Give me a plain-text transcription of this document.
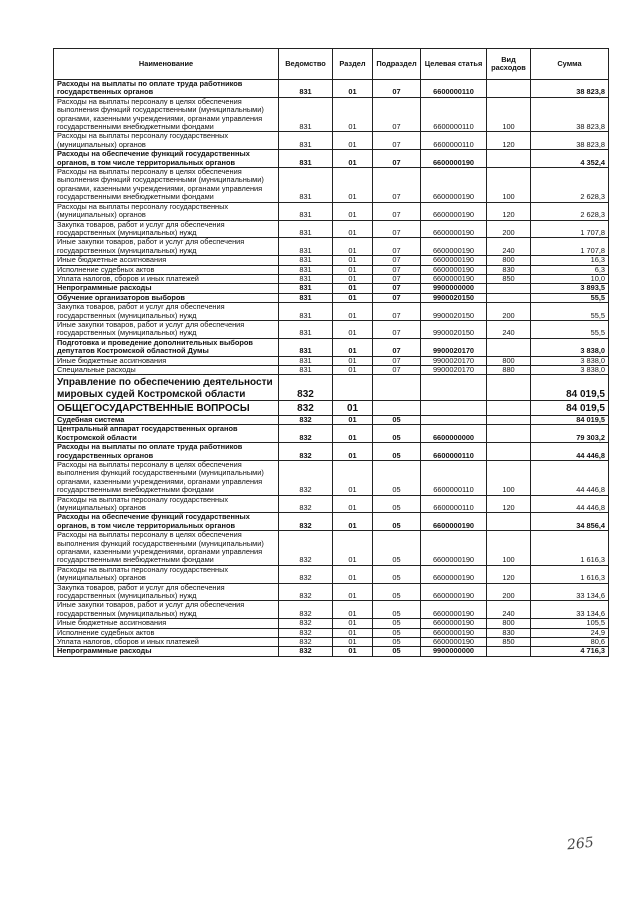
Наименование	Ведомство	Раздел	Подраздел	Целевая статья	Вид расходов	Сумма
Расходы на выплаты по оплате труда работников государственных органов	831	01	07	6600000110		38 823,8
Расходы на выплаты персоналу в целях обеспечения выполнения функций государственными (муниципальными) органами, казенными учреждениями, органами управления государственными внебюджетными фондами	831	01	07	6600000110	100	38 823,8
Расходы на выплаты персоналу государственных (муниципальных) органов	831	01	07	6600000110	120	38 823,8
Расходы на обеспечение функций государственных органов, в том числе территориальных органов	831	01	07	6600000190		4 352,4
Расходы на выплаты персоналу в целях обеспечения выполнения функций государственными (муниципальными) органами, казенными учреждениями, органами управления государственными внебюджетными фондами	831	01	07	6600000190	100	2 628,3
Расходы на выплаты персоналу государственных (муниципальных) органов	831	01	07	6600000190	120	2 628,3
Закупка товаров, работ и услуг для обеспечения государственных (муниципальных) нужд	831	01	07	6600000190	200	1 707,8
Иные закупки товаров, работ и услуг для обеспечения государственных (муниципальных) нужд	831	01	07	6600000190	240	1 707,8
Иные бюджетные ассигнования	831	01	07	6600000190	800	16,3
Исполнение судебных актов	831	01	07	6600000190	830	6,3
Уплата налогов, сборов и иных платежей	831	01	07	6600000190	850	10,0
Непрограммные расходы	831	01	07	9900000000		3 893,5
Обучение организаторов выборов	831	01	07	9900020150		55,5
Закупка товаров, работ и услуг для обеспечения государственных (муниципальных) нужд	831	01	07	9900020150	200	55,5
Иные закупки товаров, работ и услуг для обеспечения государственных (муниципальных) нужд	831	01	07	9900020150	240	55,5
Подготовка и проведение дополнительных выборов депутатов Костромской областной Думы	831	01	07	9900020170		3 838,0
Иные бюджетные ассигнования	831	01	07	9900020170	800	3 838,0
Специальные расходы	831	01	07	9900020170	880	3 838,0
Управление по обеспечению деятельности мировых судей Костромской области	832					84 019,5
ОБЩЕГОСУДАРСТВЕННЫЕ ВОПРОСЫ	832	01				84 019,5
Судебная система	832	01	05			84 019,5
Центральный аппарат государственных органов Костромской области	832	01	05	6600000000		79 303,2
Расходы на выплаты по оплате труда работников государственных органов	832	01	05	6600000110		44 446,8
Расходы на выплаты персоналу в целях обеспечения выполнения функций государственными (муниципальными) органами, казенными учреждениями, органами управления государственными внебюджетными фондами	832	01	05	6600000110	100	44 446,8
Расходы на выплаты персоналу государственных (муниципальных) органов	832	01	05	6600000110	120	44 446,8
Расходы на обеспечение функций государственных органов, в том числе территориальных органов	832	01	05	6600000190		34 856,4
Расходы на выплаты персоналу в целях обеспечения выполнения функций государственными (муниципальными) органами, казенными учреждениями, органами управления государственными внебюджетными фондами	832	01	05	6600000190	100	1 616,3
Расходы на выплаты персоналу государственных (муниципальных) органов	832	01	05	6600000190	120	1 616,3
Закупка товаров, работ и услуг для обеспечения государственных (муниципальных) нужд	832	01	05	6600000190	200	33 134,6
Иные закупки товаров, работ и услуг для обеспечения государственных (муниципальных) нужд	832	01	05	6600000190	240	33 134,6
Иные бюджетные ассигнования	832	01	05	6600000190	800	105,5
Исполнение судебных актов	832	01	05	6600000190	830	24,9
Уплата налогов, сборов и иных платежей	832	01	05	6600000190	850	80,6
Непрограммные расходы	832	01	05	9900000000		4 716,3
265
